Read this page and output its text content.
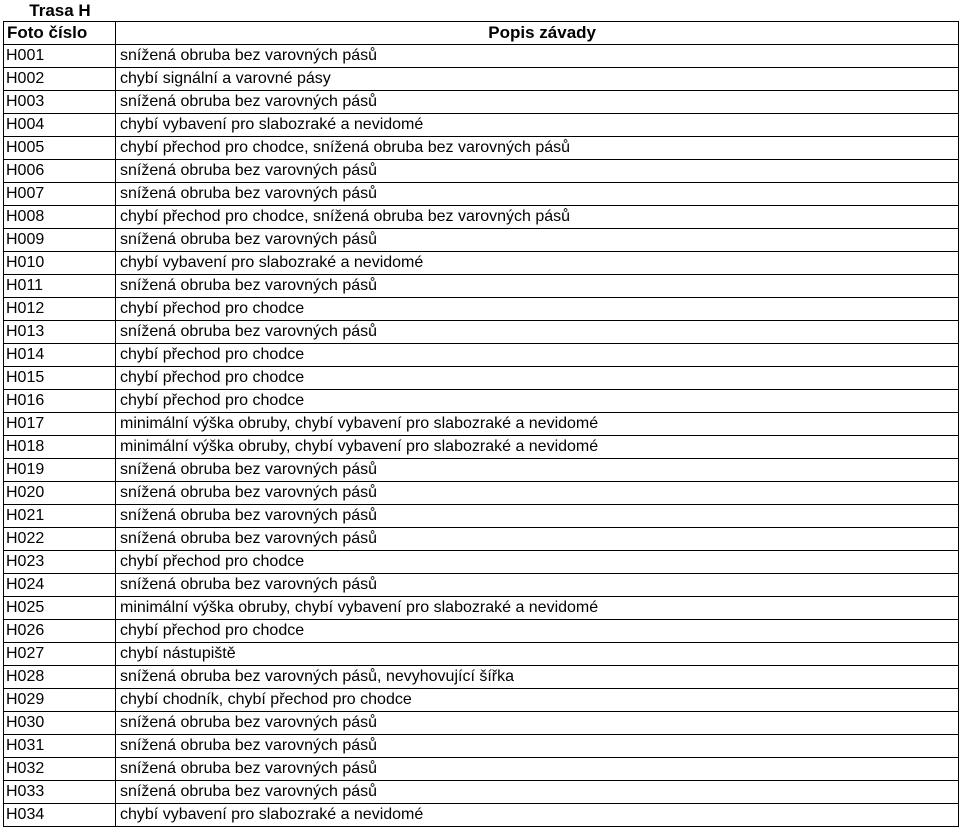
Trasa H
Foto číslo	Popis závady
H001	snížená obruba bez varovných pásů
H002	chybí signální a varovné pásy
H003	snížená obruba bez varovných pásů
H004	chybí vybavení pro slabozraké a nevidomé
H005	chybí přechod pro chodce, snížená obruba bez varovných pásů
H006	snížená obruba bez varovných pásů
H007	snížená obruba bez varovných pásů
H008	chybí přechod pro chodce, snížená obruba bez varovných pásů
H009	snížená obruba bez varovných pásů
H010	chybí vybavení pro slabozraké a nevidomé
H011	snížená obruba bez varovných pásů
H012	chybí přechod pro chodce
H013	snížená obruba bez varovných pásů
H014	chybí přechod pro chodce
H015	chybí přechod pro chodce
H016	chybí přechod pro chodce
H017	minimální výška obruby, chybí vybavení pro slabozraké a nevidomé
H018	minimální výška obruby, chybí vybavení pro slabozraké a nevidomé
H019	snížená obruba bez varovných pásů
H020	snížená obruba bez varovných pásů
H021	snížená obruba bez varovných pásů
H022	snížená obruba bez varovných pásů
H023	chybí přechod pro chodce
H024	snížená obruba bez varovných pásů
H025	minimální výška obruby, chybí vybavení pro slabozraké a nevidomé
H026	chybí přechod pro chodce
H027	chybí nástupiště
H028	snížená obruba bez varovných pásů, nevyhovující šířka
H029	chybí chodník, chybí přechod pro chodce
H030	snížená obruba bez varovných pásů
H031	snížená obruba bez varovných pásů
H032	snížená obruba bez varovných pásů
H033	snížená obruba bez varovných pásů
H034	chybí vybavení pro slabozraké a nevidomé
